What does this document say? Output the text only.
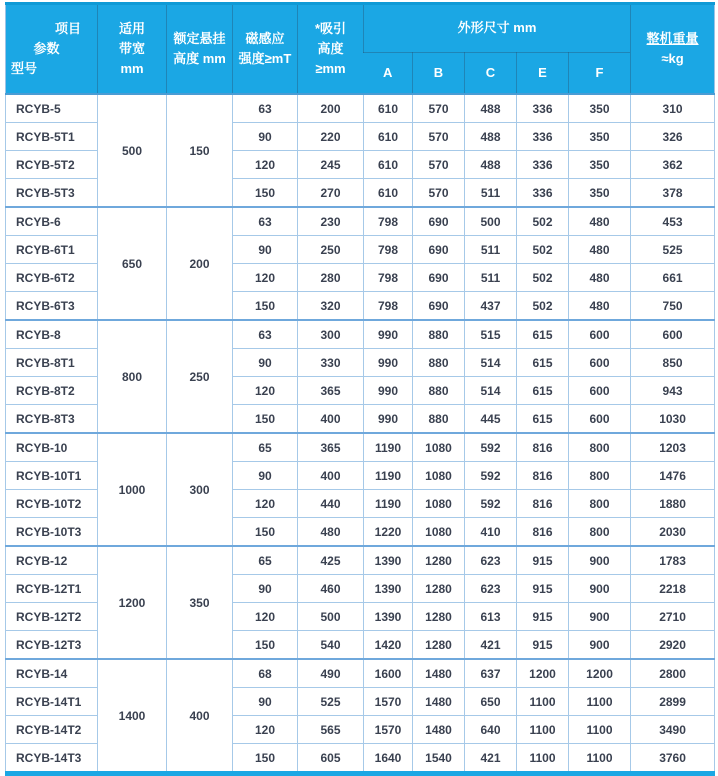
项目
参数
型号	适用
带宽
mm	额定悬挂
高度 mm	磁感应
强度≥mT	*吸引
高度
≥mm	外形尺寸 mm					整机重量
≈kg

					A	B	C	E	F	
RCYB-5	500	150	63	200	610	570	488	336	350	310
RCYB-5T1			90	220	610	570	488	336	350	326
RCYB-5T2			120	245	610	570	488	336	350	362
RCYB-5T3			150	270	610	570	511	336	350	378
RCYB-6	650	200	63	230	798	690	500	502	480	453
RCYB-6T1			90	250	798	690	511	502	480	525
RCYB-6T2			120	280	798	690	511	502	480	661
RCYB-6T3			150	320	798	690	437	502	480	750
RCYB-8	800	250	63	300	990	880	515	615	600	600
RCYB-8T1			90	330	990	880	514	615	600	850
RCYB-8T2			120	365	990	880	514	615	600	943
RCYB-8T3			150	400	990	880	445	615	600	1030
RCYB-10	1000	300	65	365	1190	1080	592	816	800	1203
RCYB-10T1			90	400	1190	1080	592	816	800	1476
RCYB-10T2			120	440	1190	1080	592	816	800	1880
RCYB-10T3			150	480	1220	1080	410	816	800	2030
RCYB-12	1200	350	65	425	1390	1280	623	915	900	1783
RCYB-12T1			90	460	1390	1280	623	915	900	2218
RCYB-12T2			120	500	1390	1280	613	915	900	2710
RCYB-12T3			150	540	1420	1280	421	915	900	2920
RCYB-14	1400	400	68	490	1600	1480	637	1200	1200	2800
RCYB-14T1			90	525	1570	1480	650	1100	1100	2899
RCYB-14T2			120	565	1570	1480	640	1100	1100	3490
RCYB-14T3			150	605	1640	1540	421	1100	1100	3760
